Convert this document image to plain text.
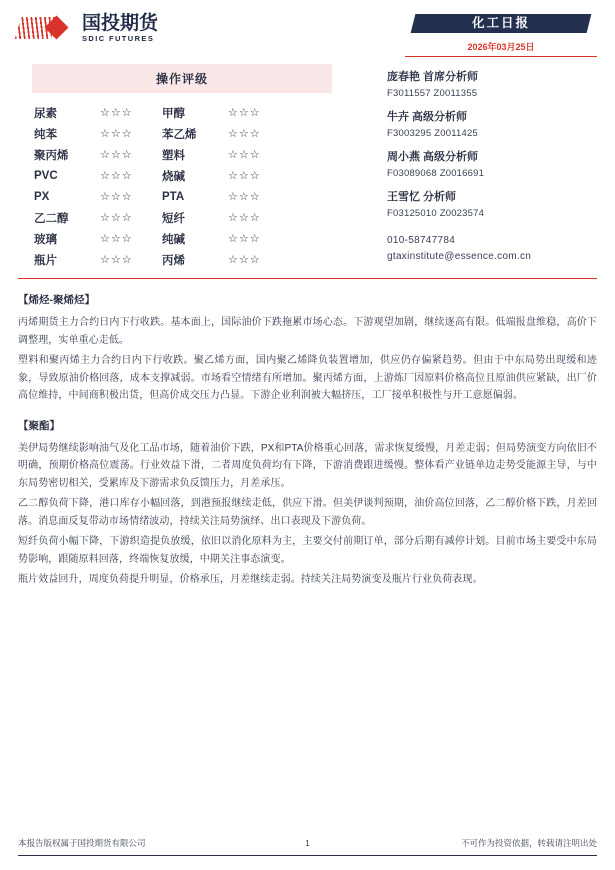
国投期货
SDIC FUTURES
化工日报
2026年03月25日
操作评级
尿素	☆☆☆	甲醇	☆☆☆
纯苯	☆☆☆	苯乙烯	☆☆☆
聚丙烯	☆☆☆	塑料	☆☆☆
PVC	☆☆☆	烧碱	☆☆☆
PX	☆☆☆	PTA	☆☆☆
乙二醇	☆☆☆	短纤	☆☆☆
玻璃	☆☆☆	纯碱	☆☆☆
瓶片	☆☆☆	丙烯	☆☆☆
庞春艳 首席分析师
F3011557 Z0011355
牛卉 高级分析师
F3003295 Z0011425
周小燕 高级分析师
F03089068 Z0016691
王雪忆 分析师
F03125010 Z0023574
010-58747784
gtaxinstitute@essence.com.cn
【烯烃-聚烯烃】

丙烯期货主力合约日内下行收跌。基本面上，国际油价下跌拖累市场心态。下游观望加剧，继续逐高有限。低端报盘维稳，高价下调整理，实单重心走低。

塑料和聚丙烯主力合约日内下行收跌。聚乙烯方面，国内聚乙烯降负装置增加，供应仍存偏紧趋势。但由于中东局势出现缓和迹象，导致原油价格回落，成本支撑减弱。市场看空情绪有所增加。聚丙烯方面，上游炼厂因原料价格高位且原油供应紧缺，出厂价高位维持，中间商积极出货，但高价成交压力凸显。下游企业利润被大幅挤压，工厂接单积极性与开工意愿偏弱。

【聚酯】

美伊局势继续影响油气及化工品市场，随着油价下跌，PX和PTA价格重心回落，需求恢复缓慢，月差走弱；但局势演变方向依旧不明确，预期价格高位震荡。行业效益下滑，二者周度负荷均有下降，下游消费跟进缓慢。整体看产业链单边走势受能源主导，与中东局势密切相关，受累库及下游需求负反馈压力，月差承压。

乙二醇负荷下降，港口库存小幅回落，到港预报继续走低，供应下滑。但美伊谈判预期，油价高位回落，乙二醇价格下跌，月差回落。消息面反复带动市场情绪波动，持续关注局势演绎、出口表现及下游负荷。

短纤负荷小幅下降，下游织造提负放缓，依旧以消化原料为主，主要交付前期订单，部分后期有减停计划。目前市场主要受中东局势影响，跟随原料回落，终端恢复放缓，中期关注事态演变。

瓶片效益回升，周度负荷提升明显，价格承压，月差继续走弱。持续关注局势演变及瓶片行业负荷表现。

本报告版权属于国投期货有限公司	1	不可作为投资依据，转载请注明出处
